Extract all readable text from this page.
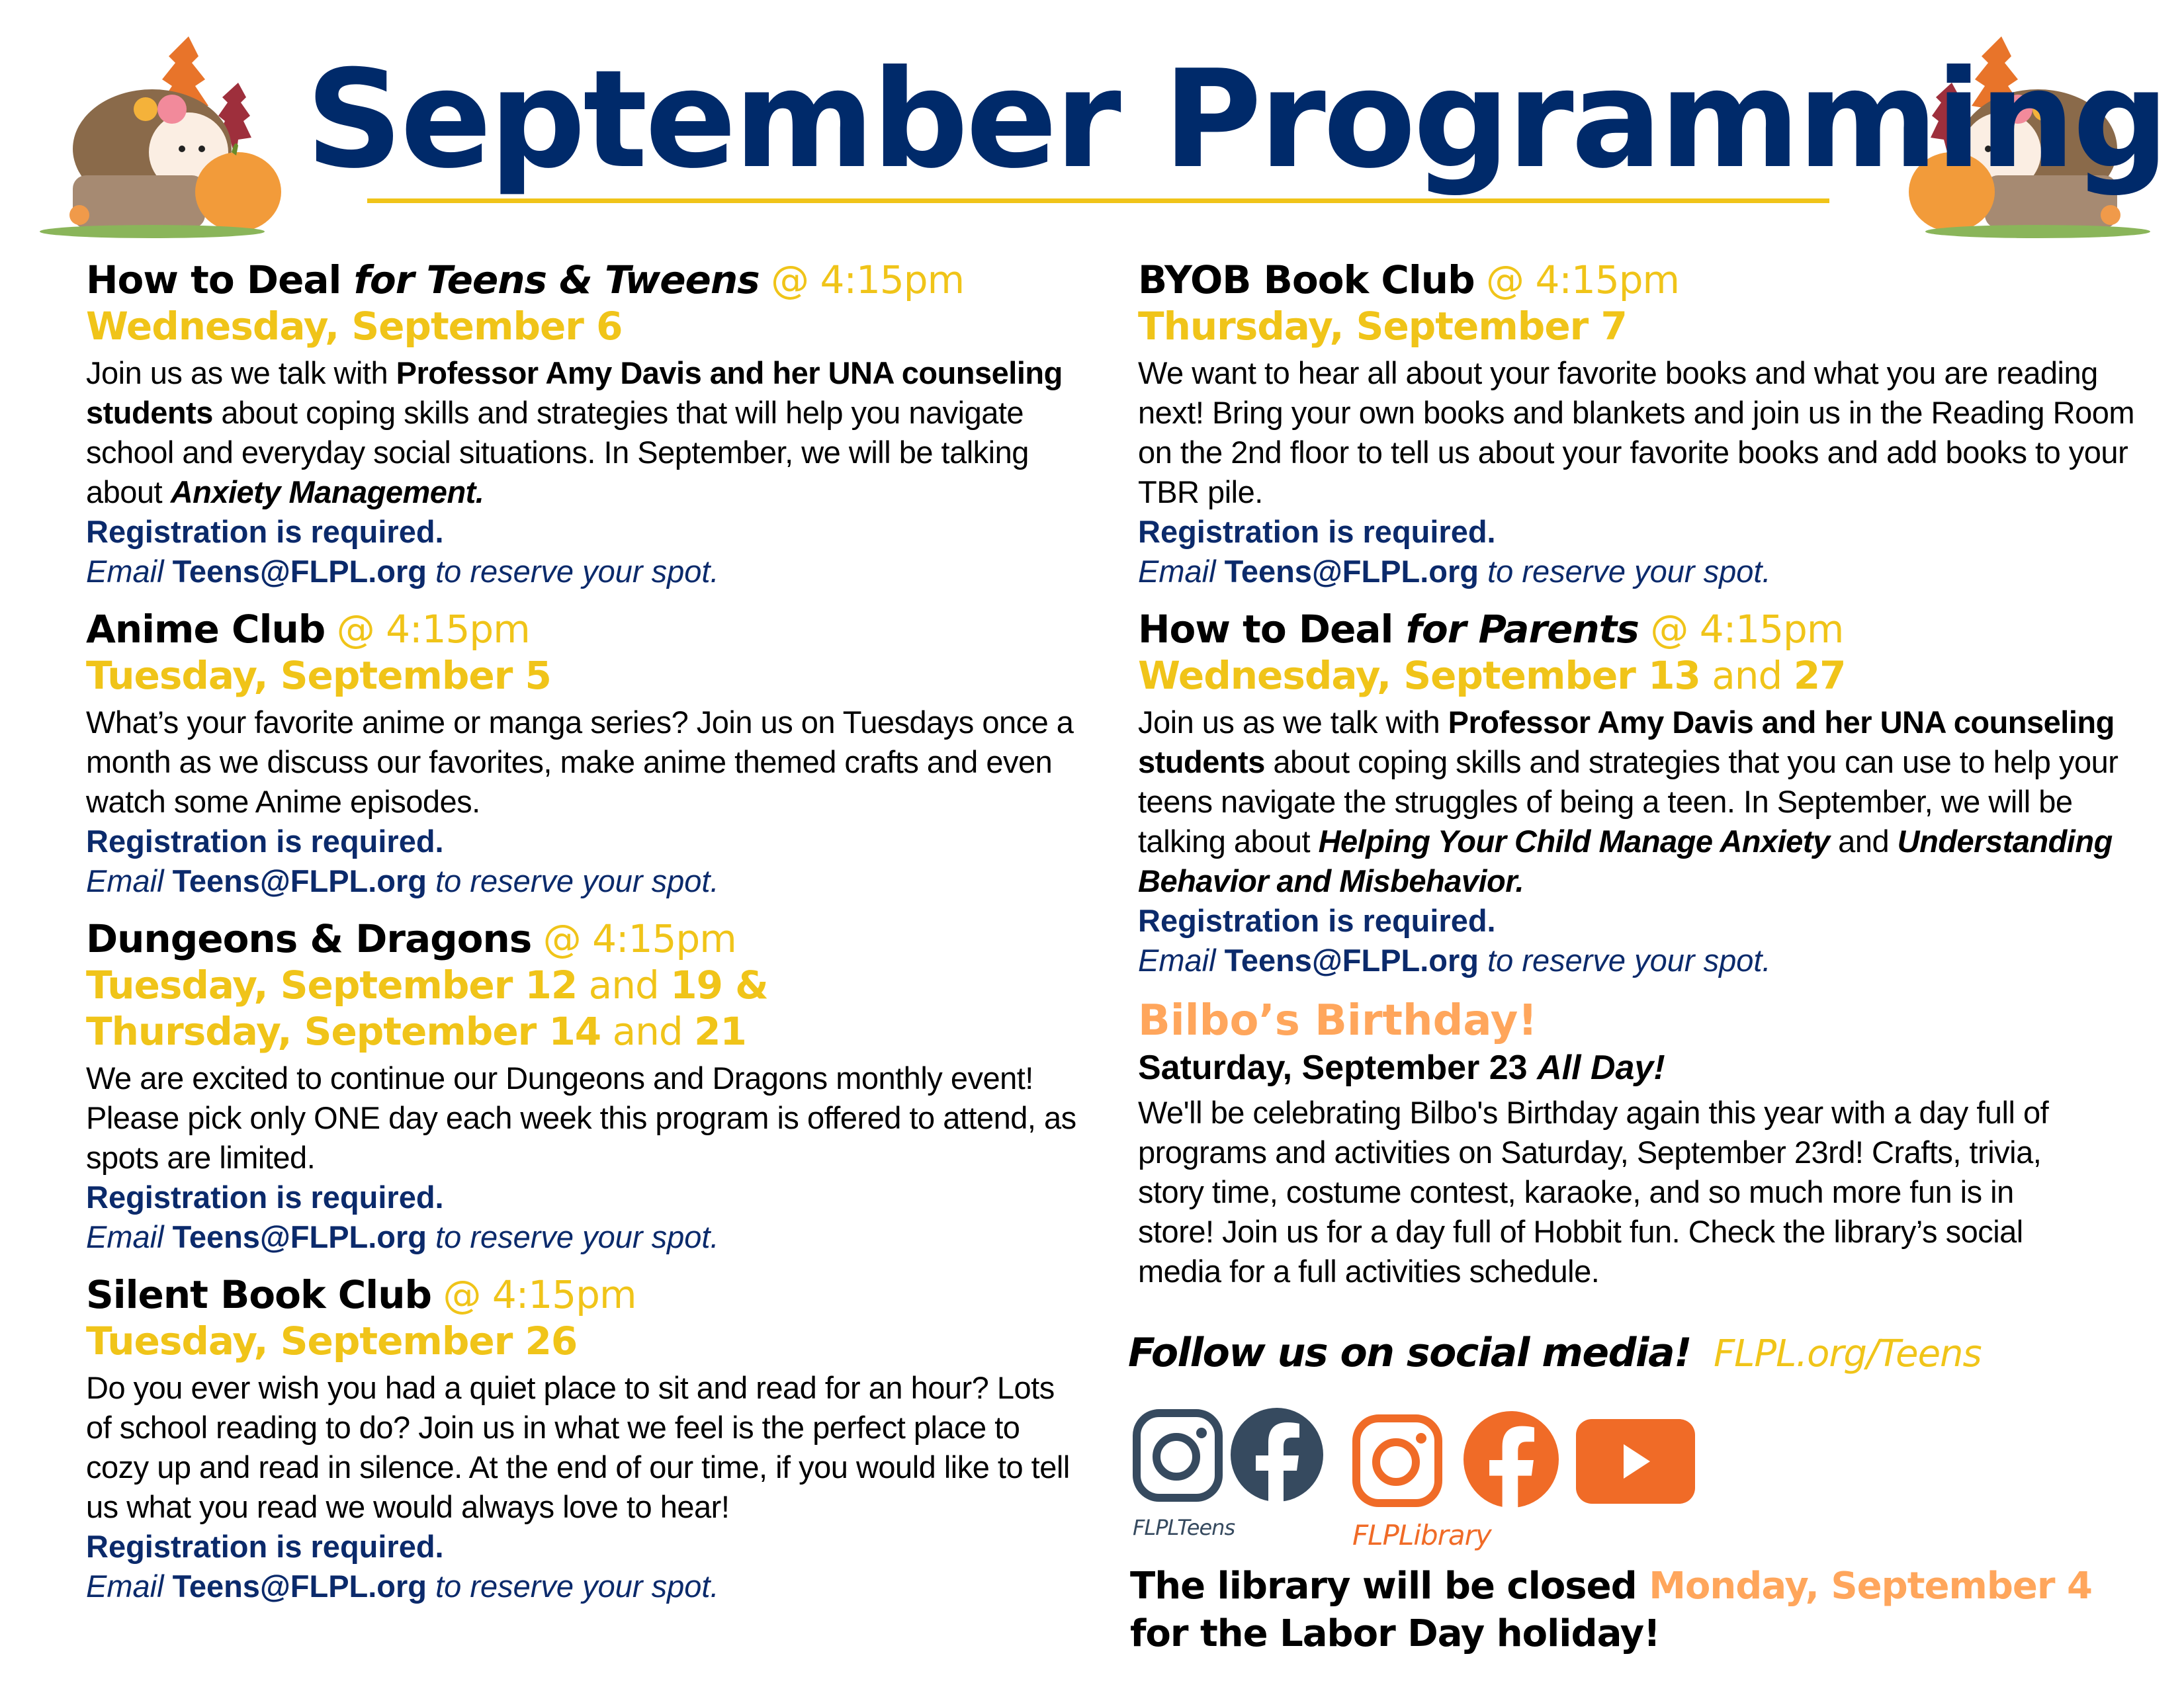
September Programming
How to Deal for Teens & Tweens @ 4:15pm
Wednesday, September 6
Join us as we talk with Professor Amy Davis and her UNA counseling students about coping skills and strategies that will help you navigate school and everyday social situations. In September, we will be talking about Anxiety Management.
Registration is required.
Email Teens@FLPL.org to reserve your spot.
Anime Club @ 4:15pm
Tuesday, September 5
What’s your favorite anime or manga series? Join us on Tuesdays once a month as we discuss our favorites, make anime themed crafts and even watch some Anime episodes.
Registration is required.
Email Teens@FLPL.org to reserve your spot.
Dungeons & Dragons @ 4:15pm
Tuesday, September 12 and 19 &
Thursday, September 14 and 21
We are excited to continue our Dungeons and Dragons monthly event! Please pick only ONE day each week this program is offered to attend, as spots are limited.
Registration is required.
Email Teens@FLPL.org to reserve your spot.
Silent Book Club @ 4:15pm
Tuesday, September 26
Do you ever wish you had a quiet place to sit and read for an hour? Lots of school reading to do? Join us in what we feel is the perfect place to cozy up and read in silence. At the end of our time, if you would like to tell us what you read we would always love to hear!
Registration is required.
Email Teens@FLPL.org to reserve your spot.
BYOB Book Club @ 4:15pm
Thursday, September 7
We want to hear all about your favorite books and what you are reading next! Bring your own books and blankets and join us in the Reading Room on the 2nd floor to tell us about your favorite books and add books to your TBR pile.
Registration is required.
Email Teens@FLPL.org to reserve your spot.
How to Deal for Parents @ 4:15pm
Wednesday, September 13 and 27
Join us as we talk with Professor Amy Davis and her UNA counseling students about coping skills and strategies that you can use to help your teens navigate the struggles of being a teen. In September, we will be talking about Helping Your Child Manage Anxiety and Understanding Behavior and Misbehavior.
Registration is required.
Email Teens@FLPL.org to reserve your spot.
Bilbo’s Birthday!
Saturday, September 23 All Day!
We'll be celebrating Bilbo's Birthday again this year with a day full of programs and activities on Saturday, September 23rd! Crafts, trivia, story time, costume contest, karaoke, and so much more fun is in store! Join us for a day full of Hobbit fun. Check the library’s social media for a full activities schedule.
Follow us on social media! FLPL.org/Teens
FLPLTeens	FLPLibrary
The library will be closed Monday, September 4
for the Labor Day holiday!
